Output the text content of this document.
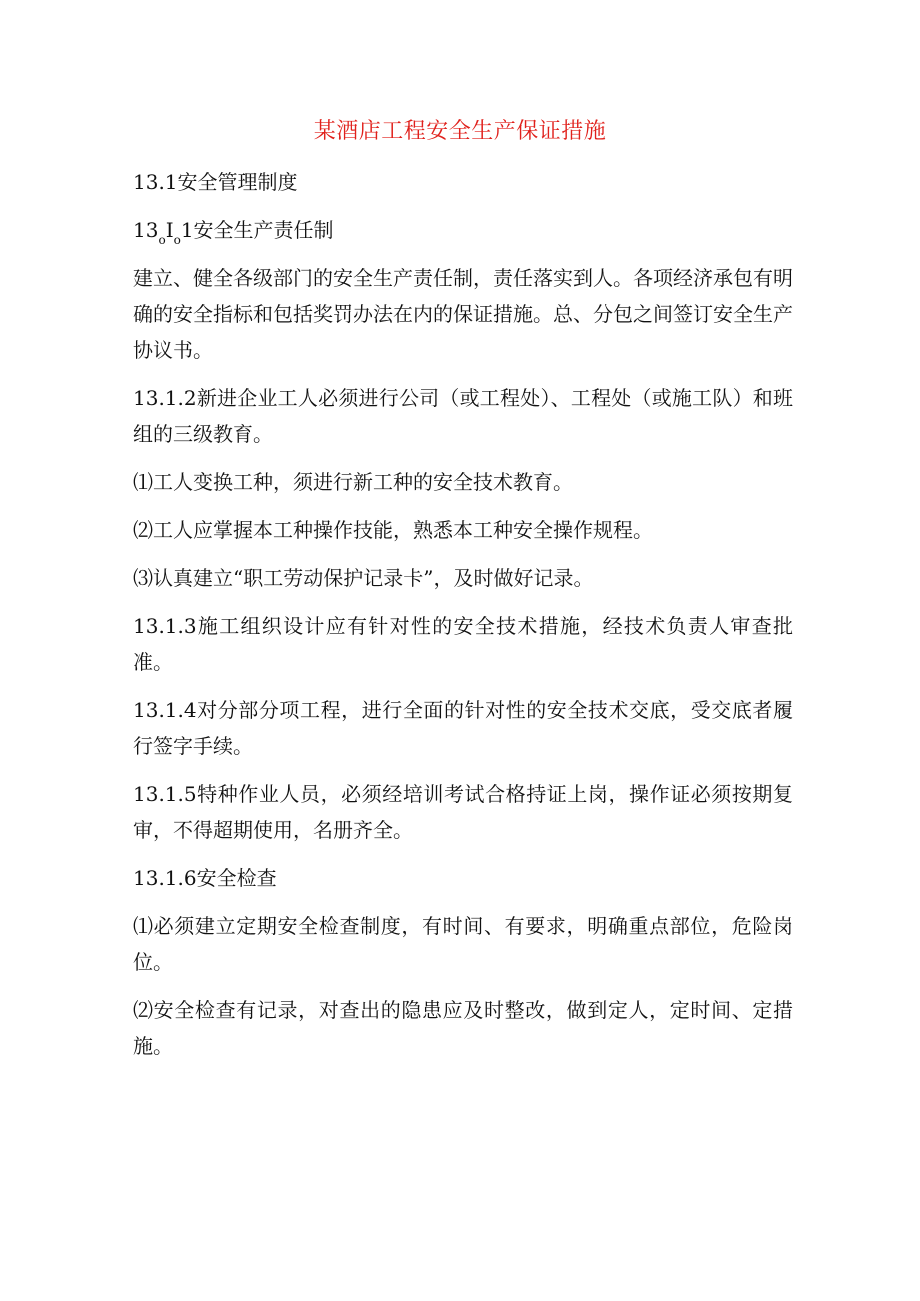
某酒店工程安全生产保证措施

13.1安全管理制度

$13_oI_o1$安全生产责任制

建立、健全各级部门的安全生产责任制，责任落实到人。各项经济承包有明确的安全指标和包括奖罚办法在内的保证措施。总、分包之间签订安全生产协议书。

13.1.2新进企业工人必须进行公司（或工程处）、工程处（或施工队）和班组的三级教育。

⑴工人变换工种，须进行新工种的安全技术教育。

⑵工人应掌握本工种操作技能，熟悉本工种安全操作规程。

⑶认真建立“职工劳动保护记录卡”，及时做好记录。

13.1.3施工组织设计应有针对性的安全技术措施，经技术负责人审查批准。

13.1.4对分部分项工程，进行全面的针对性的安全技术交底，受交底者履行签字手续。

13.1.5特种作业人员，必须经培训考试合格持证上岗，操作证必须按期复审，不得超期使用，名册齐全。

13.1.6安全检查

⑴必须建立定期安全检查制度，有时间、有要求，明确重点部位，危险岗位。

⑵安全检查有记录，对查出的隐患应及时整改，做到定人，定时间、定措施。
